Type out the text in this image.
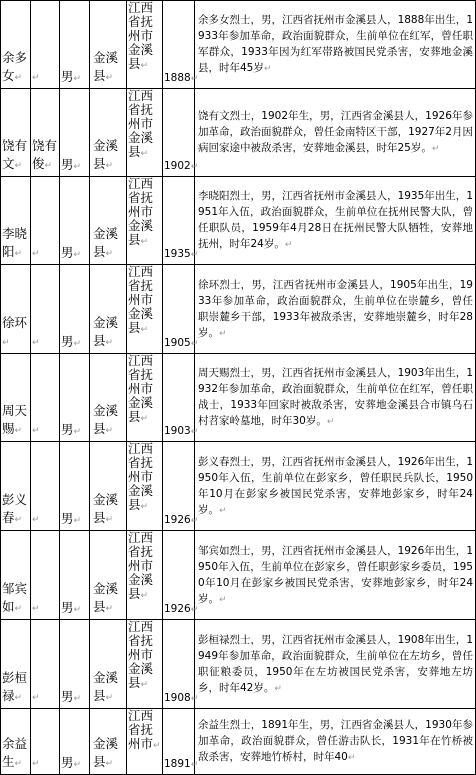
余多女↵	↵	男↵	金溪县↵	江西省抚州市金溪县↵	1888↵	余多女烈士，男，江西省抚州市金溪县人，1888年出生，1933年参加革命，政治面貌群众，生前单位在红军，曾任职军群众，1933年因为红军帯路被国民党杀害，安葬地金溪县，时年45岁↵
饶有文↵	饶有俊↵	男↵	金溪县↵	江西省抚州市金溪县↵	1902↵	饶有文烈士，1902年生，男，江西省金溪县人，1926年参加革命，政治面貌群众，曾任金南特区干部，1927年2月因病回家途中被敌杀害，安葬地金溪县，时年25岁。↵
李晓阳↵	↵	男↵	金溪县↵	江西省抚州市金溪县↵	1935↵	李晓阳烈士，男，江西省抚州市金溪县人，1935年出生，1951年入伍，政治面貌群众，生前单位在抚州民警大队，曾任职队员，1959年4月28日在抚州民警大队牺牲，安葬地抚州，时年24岁。↵
徐环↵	↵	男↵	金溪县↵	江西省抚州市金溪县↵	1905↵	徐环烈士，男，江西省抚州市金溪县人，1905年出生，1933年参加革命，政治面貌群众，生前单位在崇麓乡，曾任职崇麓乡干部，1933年被敌杀害，安葬地崇麓乡，时年28岁。↵
周天赐↵	↵	男↵	金溪县↵	江西省抚州市金溪县↵	1903↵	周天赐烈士，男，江西省抚州市金溪县人，1903年出生，1932年参加革命，政治面貌群众，生前单位在红军，曾任职战士，1933年回家时被敌杀害，安葬地金溪县合市镇乌石村苕家岭墓地，时年30岁。↵
彭义春↵	↵	男↵	金溪县↵	江西省抚州市金溪县↵	1926↵	彭义春烈士，男，江西省抚州市金溪县人，1926年出生，1950年入伍，生前单位在彭家乡，曾任职民兵队长，1950年10月在彭家乡被国民党杀害，安葬地彭家乡，时年24岁。↵
邹宾如↵	↵	男↵	金溪县↵	江西省抚州市金溪县↵	1926↵	邹宾如烈士，男，江西省抚州市金溪县人，1926年出生，1950年入伍，生前单位在彭家乡，曾任职彭家乡委员，1950年10月在彭家乡被国民党杀害，安葬地彭家乡，时年24岁。↵
彭桓禄↵	↵	男↵	金溪县↵	江西省抚州市金溪县↵	1908↵	彭桓禄烈士，男，江西省抚州市金溪县人，1908年出生，1949年参加革命，政治面貌群众，生前单位在左坊乡，曾任职征粮委员，1950年在左坊被国民党杀害，安葬地左坊乡，时年42岁。↵
余益生↵	↵	男↵	金溪县↵	江西省抚州市↵	1891↵	余益生烈士，1891年生，男，江西省金溪县人，1930年参加革命，政治面貌群众，曾任游击队长，1931年在竹桥被敌杀害，安葬地竹桥村，时年40↵
